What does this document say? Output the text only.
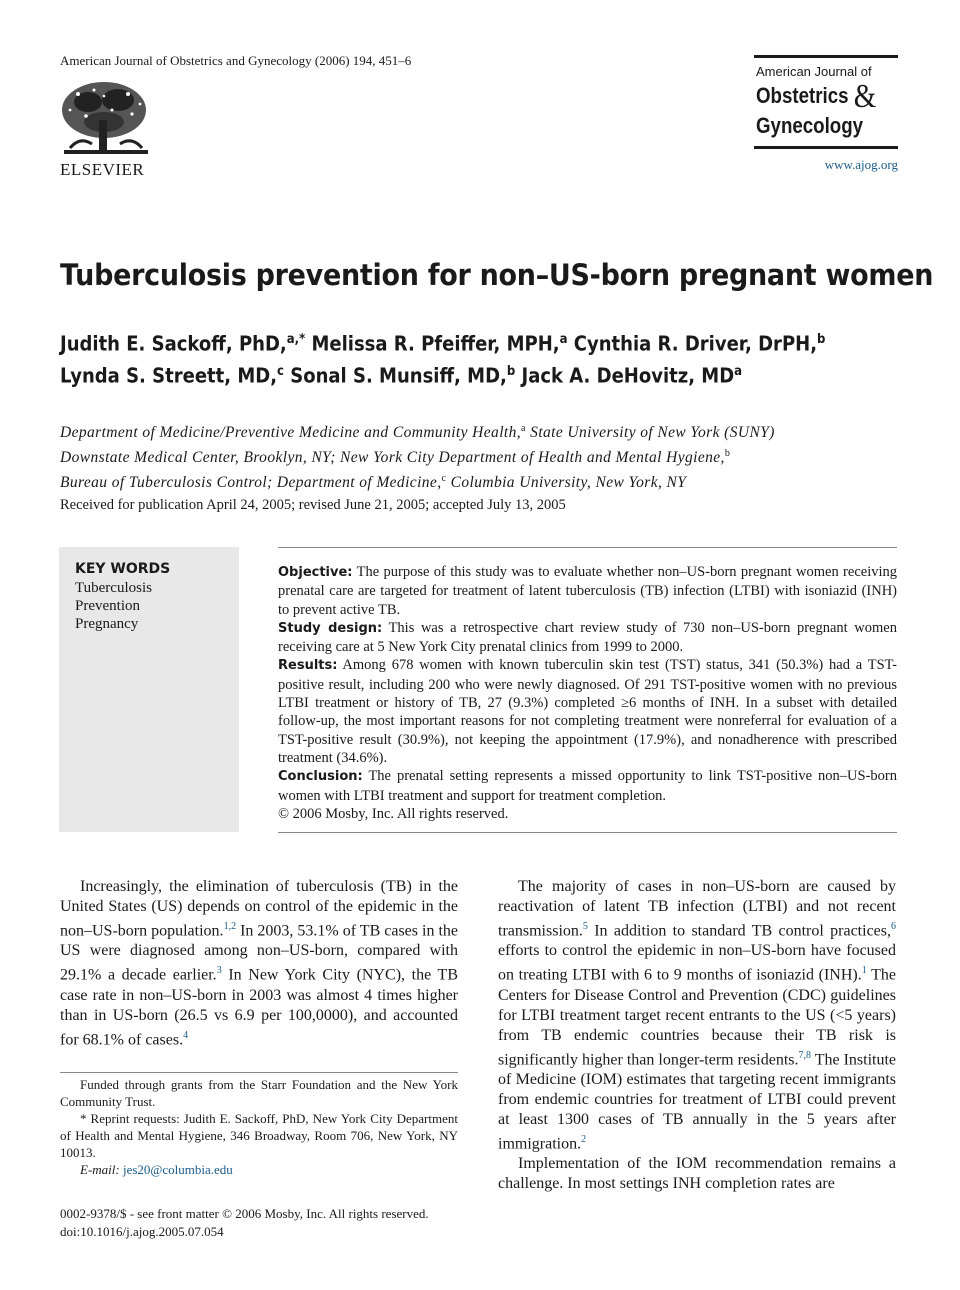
American Journal of Obstetrics and Gynecology (2006) 194, 451–6
ELSEVIER
American Journal of
Obstetrics &
Gynecology
www.ajog.org
Tuberculosis prevention for non–US-born pregnant women
Judith E. Sackoff, PhD,$^{a,*}$ Melissa R. Pfeiffer, MPH,$^a$ Cynthia R. Driver, DrPH,$^b$
Lynda S. Streett, MD,$^c$ Sonal S. Munsiff, MD,$^b$ Jack A. DeHovitz, $MD^a$
Department of Medicine/Preventive Medicine and Community Health,$^a$ State University of New York (SUNY)
Downstate Medical Center, Brooklyn, NY; New York City Department of Health and Mental Hygiene,$^b$
Bureau of Tuberculosis Control; Department of Medicine,$^c$ Columbia University, New York, NY
Received for publication April 24, 2005; revised June 21, 2005; accepted July 13, 2005
KEY WORDS
Tuberculosis
Prevention
Pregnancy

Objective: The purpose of this study was to evaluate whether non–US-born pregnant women receiving prenatal care are targeted for treatment of latent tuberculosis (TB) infection (LTBI) with isoniazid (INH) to prevent active TB.

Study design: This was a retrospective chart review study of 730 non–US-born pregnant women receiving care at 5 New York City prenatal clinics from 1999 to 2000.

Results: Among 678 women with known tuberculin skin test (TST) status, 341 (50.3%) had a TST-positive result, including 200 who were newly diagnosed. Of 291 TST-positive women with no previous LTBI treatment or history of TB, 27 (9.3%) completed ≥6 months of INH. In a subset with detailed follow-up, the most important reasons for not completing treatment were nonreferral for evaluation of a TST-positive result (30.9%), not keeping the appointment (17.9%), and nonadherence with prescribed treatment (34.6%).

Conclusion: The prenatal setting represents a missed opportunity to link TST-positive non–US-born women with LTBI treatment and support for treatment completion.

© 2006 Mosby, Inc. All rights reserved.

Increasingly, the elimination of tuberculosis (TB) in the United States (US) depends on control of the epidemic in the non–US-born population.$^{1,2}$ In 2003, 53.1% of TB cases in the US were diagnosed among non–US-born, compared with 29.1% a decade earlier.$^3$ In New York City (NYC), the TB case rate in non–US-born in 2003 was almost 4 times higher than in US-born (26.5 vs 6.9 per 100,0000), and accounted for 68.1% of cases.$^4$

The majority of cases in non–US-born are caused by reactivation of latent TB infection (LTBI) and not recent transmission.$^5$ In addition to standard TB control practices,$^6$ efforts to control the epidemic in non–US-born have focused on treating LTBI with 6 to 9 months of isoniazid (INH).$^1$ The Centers for Disease Control and Prevention (CDC) guidelines for LTBI treatment target recent entrants to the US (<5 years) from TB endemic countries because their TB risk is significantly higher than longer-term residents.$^{7,8}$ The Institute of Medicine (IOM) estimates that targeting recent immigrants from endemic countries for treatment of LTBI could prevent at least 1300 cases of TB annually in the 5 years after immigration.$^2$

Implementation of the IOM recommendation remains a challenge. In most settings INH completion rates are

Funded through grants from the Starr Foundation and the New York Community Trust.

* Reprint requests: Judith E. Sackoff, PhD, New York City Department of Health and Mental Hygiene, 346 Broadway, Room 706, New York, NY 10013.

E-mail: jes20@columbia.edu

0002-9378/$ - see front matter © 2006 Mosby, Inc. All rights reserved.
doi:10.1016/j.ajog.2005.07.054
